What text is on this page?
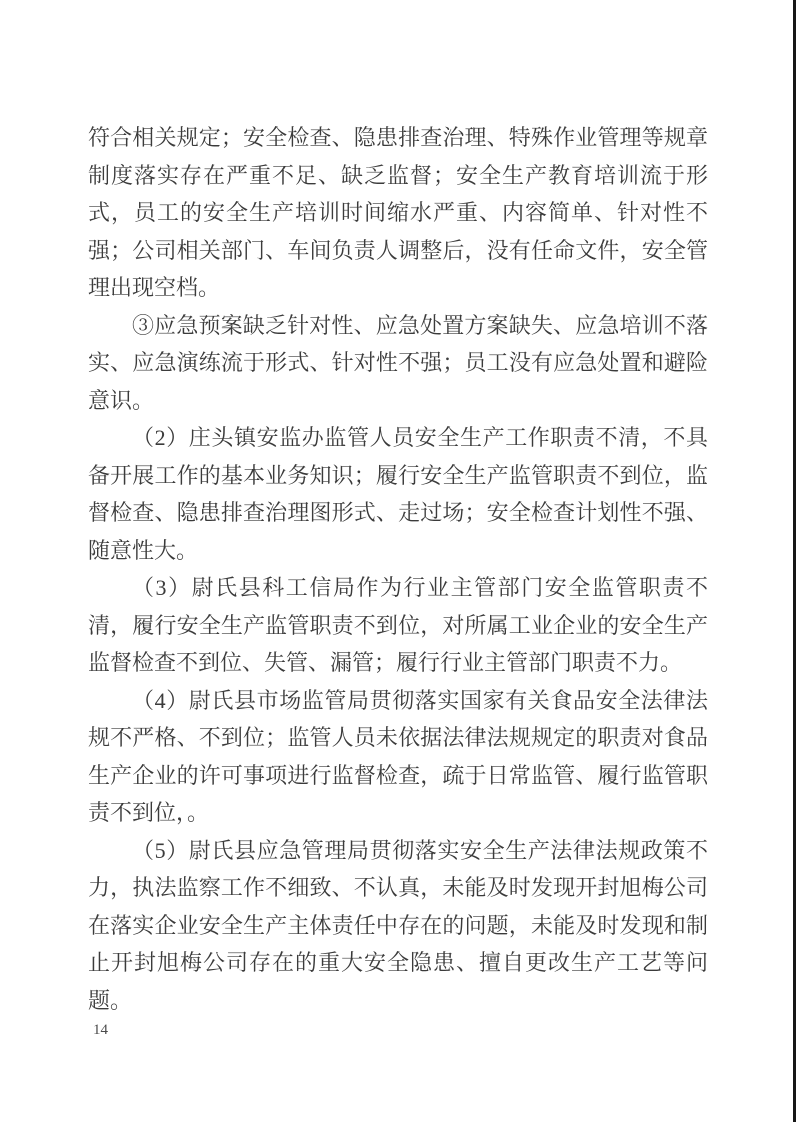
符合相关规定；安全检查、隐患排查治理、特殊作业管理等规章制度落实存在严重不足、缺乏监督；安全生产教育培训流于形式，员工的安全生产培训时间缩水严重、内容简单、针对性不强；公司相关部门、车间负责人调整后，没有任命文件，安全管理出现空档。

③应急预案缺乏针对性、应急处置方案缺失、应急培训不落实、应急演练流于形式、针对性不强；员工没有应急处置和避险意识。

（2）庄头镇安监办监管人员安全生产工作职责不清，不具备开展工作的基本业务知识；履行安全生产监管职责不到位，监督检查、隐患排查治理图形式、走过场；安全检查计划性不强、随意性大。

（3）尉氏县科工信局作为行业主管部门安全监管职责不清，履行安全生产监管职责不到位，对所属工业企业的安全生产监督检查不到位、失管、漏管；履行行业主管部门职责不力。

（4）尉氏县市场监管局贯彻落实国家有关食品安全法律法规不严格、不到位；监管人员未依据法律法规规定的职责对食品生产企业的许可事项进行监督检查，疏于日常监管、履行监管职责不到位，。

（5）尉氏县应急管理局贯彻落实安全生产法律法规政策不力，执法监察工作不细致、不认真，未能及时发现开封旭梅公司在落实企业安全生产主体责任中存在的问题，未能及时发现和制止开封旭梅公司存在的重大安全隐患、擅自更改生产工艺等问题。

14
